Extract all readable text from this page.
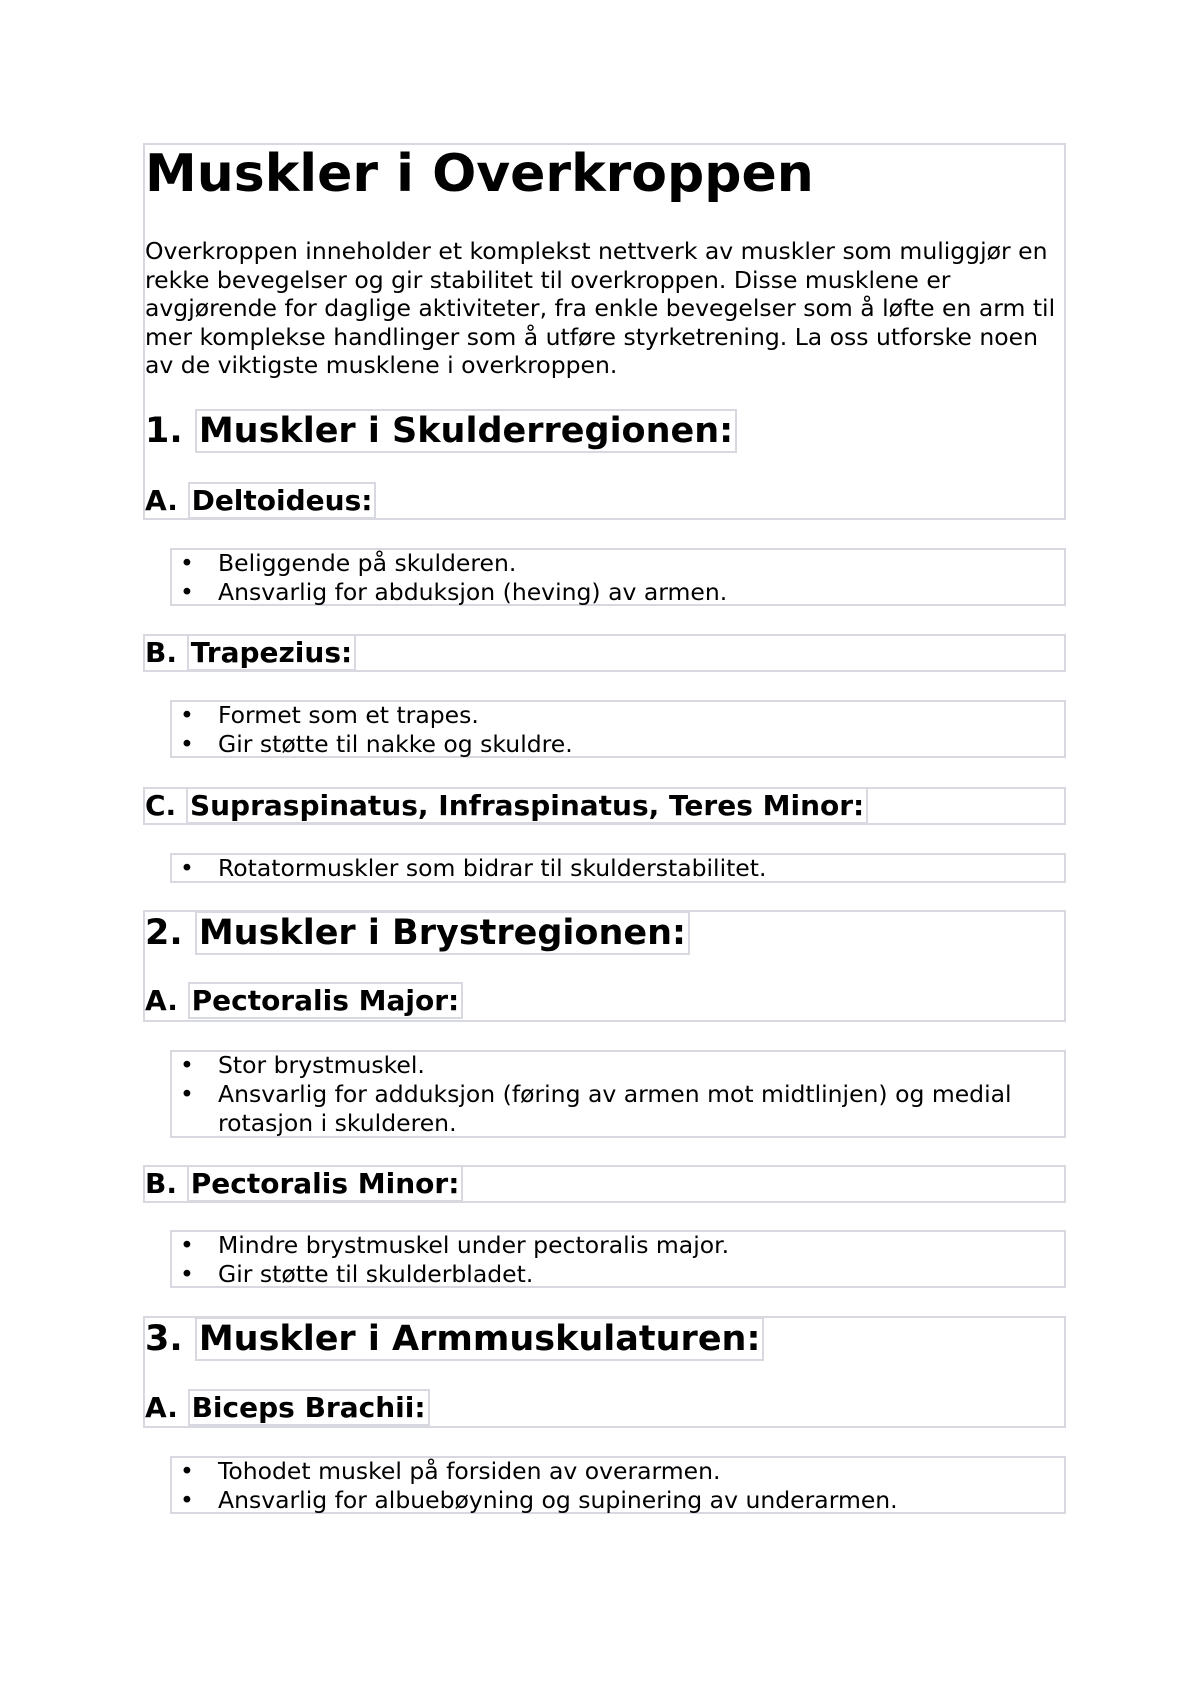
Muskler i Overkroppen

Overkroppen inneholder et komplekst nettverk av muskler som muliggjør en rekke bevegelser og gir stabilitet til overkroppen. Disse musklene er avgjørende for daglige aktiviteter, fra enkle bevegelser som å løfte en arm til mer komplekse handlinger som å utføre styrketrening. La oss utforske noen av de viktigste musklene i overkroppen.

1. Muskler i Skulderregionen:
A. Deltoideus:
• Beliggende på skulderen.
• Ansvarlig for abduksjon (heving) av armen.
B. Trapezius:
• Formet som et trapes.
• Gir støtte til nakke og skuldre.
C. Supraspinatus, Infraspinatus, Teres Minor:
• Rotatormuskler som bidrar til skulderstabilitet.
2. Muskler i Brystregionen:
A. Pectoralis Major:
• Stor brystmuskel.
• Ansvarlig for adduksjon (føring av armen mot midtlinjen) og medial rotasjon i skulderen.
B. Pectoralis Minor:
• Mindre brystmuskel under pectoralis major.
• Gir støtte til skulderbladet.
3. Muskler i Armmuskulaturen:
A. Biceps Brachii:
• Tohodet muskel på forsiden av overarmen.
• Ansvarlig for albuebøyning og supinering av underarmen.
